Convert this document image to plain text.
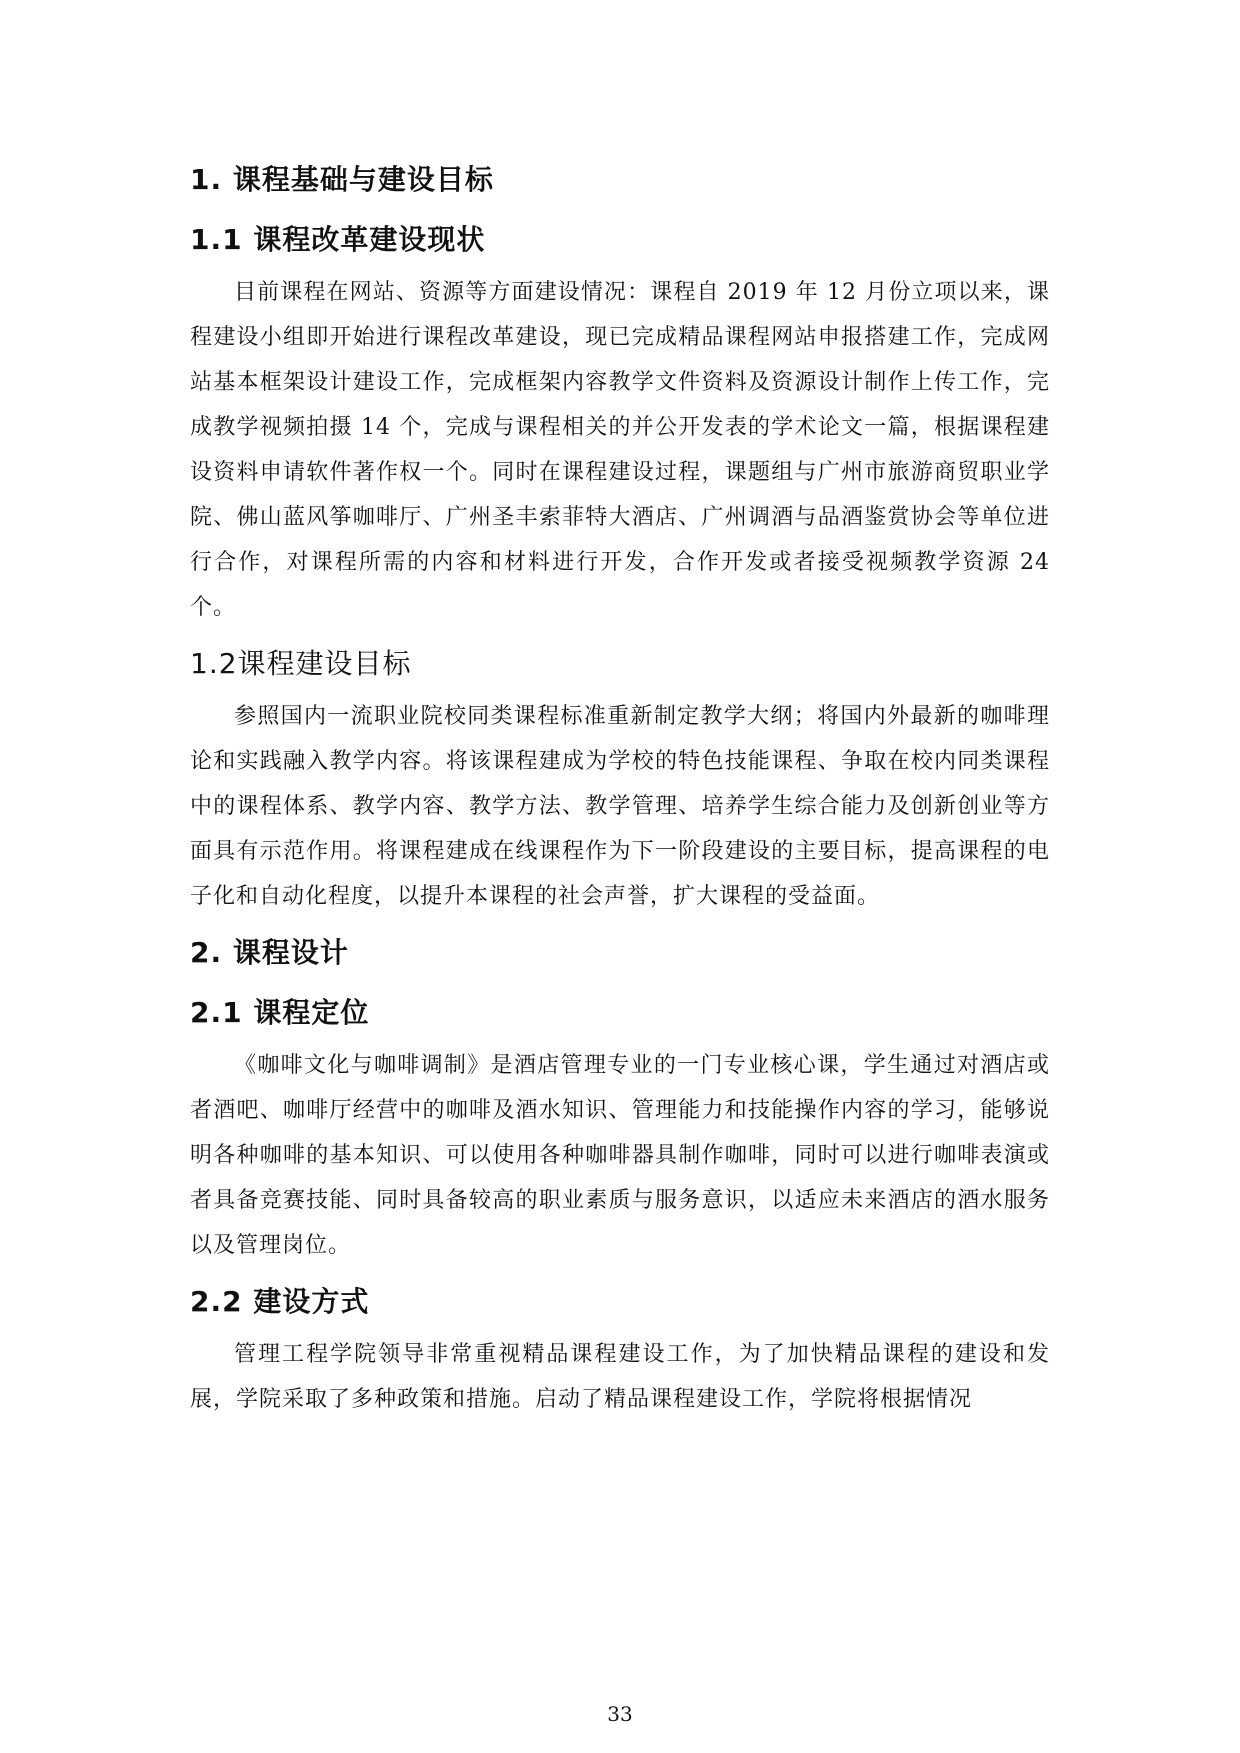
1. 课程基础与建设目标
1.1 课程改革建设现状

目前课程在网站、资源等方面建设情况：课程自 2019 年 12 月份立项以来，课程建设小组即开始进行课程改革建设，现已完成精品课程网站申报搭建工作，完成网站基本框架设计建设工作，完成框架内容教学文件资料及资源设计制作上传工作，完成教学视频拍摄 14 个，完成与课程相关的并公开发表的学术论文一篇，根据课程建设资料申请软件著作权一个。同时在课程建设过程，课题组与广州市旅游商贸职业学院、佛山蓝风筝咖啡厅、广州圣丰索菲特大酒店、广州调酒与品酒鉴赏协会等单位进行合作，对课程所需的内容和材料进行开发，合作开发或者接受视频教学资源 24 个。

1.2课程建设目标

参照国内一流职业院校同类课程标准重新制定教学大纲；将国内外最新的咖啡理论和实践融入教学内容。将该课程建成为学校的特色技能课程、争取在校内同类课程中的课程体系、教学内容、教学方法、教学管理、培养学生综合能力及创新创业等方面具有示范作用。将课程建成在线课程作为下一阶段建设的主要目标，提高课程的电子化和自动化程度，以提升本课程的社会声誉，扩大课程的受益面。

2. 课程设计
2.1 课程定位

《咖啡文化与咖啡调制》是酒店管理专业的一门专业核心课，学生通过对酒店或者酒吧、咖啡厅经营中的咖啡及酒水知识、管理能力和技能操作内容的学习，能够说明各种咖啡的基本知识、可以使用各种咖啡器具制作咖啡，同时可以进行咖啡表演或者具备竞赛技能、同时具备较高的职业素质与服务意识，以适应未来酒店的酒水服务以及管理岗位。

2.2 建设方式

管理工程学院领导非常重视精品课程建设工作，为了加快精品课程的建设和发展，学院采取了多种政策和措施。启动了精品课程建设工作，学院将根据情况

33
